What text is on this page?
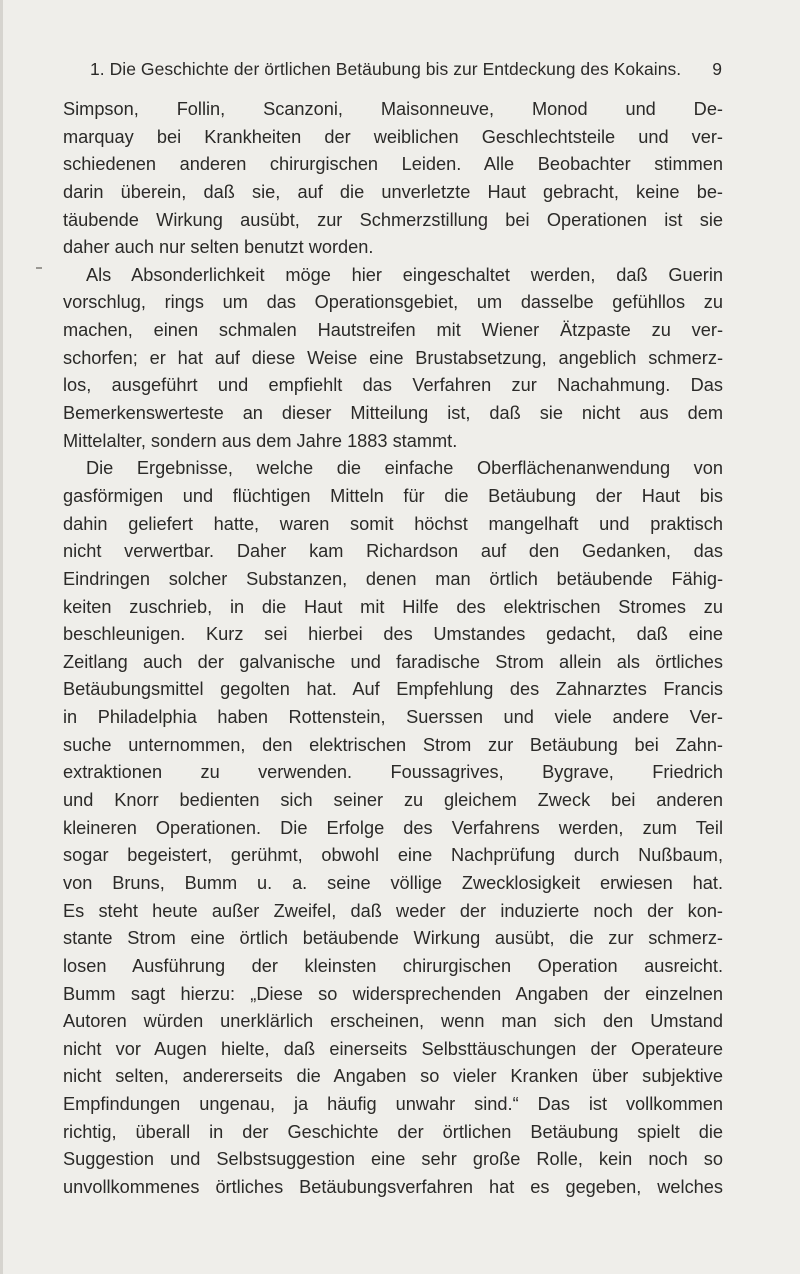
1. Die Geschichte der örtlichen Betäubung bis zur Entdeckung des Kokains. 9
Simpson, Follin, Scanzoni, Maisonneuve, Monod und De-
marquay bei Krankheiten der weiblichen Geschlechtsteile und ver-
schiedenen anderen chirurgischen Leiden. Alle Beobachter stimmen
darin überein, daß sie, auf die unverletzte Haut gebracht, keine be-
täubende Wirkung ausübt, zur Schmerzstillung bei Operationen ist sie
daher auch nur selten benutzt worden.
Als Absonderlichkeit möge hier eingeschaltet werden, daß Guerin
vorschlug, rings um das Operationsgebiet, um dasselbe gefühllos zu
machen, einen schmalen Hautstreifen mit Wiener Ätzpaste zu ver-
schorfen; er hat auf diese Weise eine Brustabsetzung, angeblich schmerz-
los, ausgeführt und empfiehlt das Verfahren zur Nachahmung. Das
Bemerkenswerteste an dieser Mitteilung ist, daß sie nicht aus dem
Mittelalter, sondern aus dem Jahre 1883 stammt.
Die Ergebnisse, welche die einfache Oberflächenanwendung von
gasförmigen und flüchtigen Mitteln für die Betäubung der Haut bis
dahin geliefert hatte, waren somit höchst mangelhaft und praktisch
nicht verwertbar. Daher kam Richardson auf den Gedanken, das
Eindringen solcher Substanzen, denen man örtlich betäubende Fähig-
keiten zuschrieb, in die Haut mit Hilfe des elektrischen Stromes zu
beschleunigen. Kurz sei hierbei des Umstandes gedacht, daß eine
Zeitlang auch der galvanische und faradische Strom allein als örtliches
Betäubungsmittel gegolten hat. Auf Empfehlung des Zahnarztes Francis
in Philadelphia haben Rottenstein, Suerssen und viele andere Ver-
suche unternommen, den elektrischen Strom zur Betäubung bei Zahn-
extraktionen zu verwenden. Foussagrives, Bygrave, Friedrich
und Knorr bedienten sich seiner zu gleichem Zweck bei anderen
kleineren Operationen. Die Erfolge des Verfahrens werden, zum Teil
sogar begeistert, gerühmt, obwohl eine Nachprüfung durch Nußbaum,
von Bruns, Bumm u. a. seine völlige Zwecklosigkeit erwiesen hat.
Es steht heute außer Zweifel, daß weder der induzierte noch der kon-
stante Strom eine örtlich betäubende Wirkung ausübt, die zur schmerz-
losen Ausführung der kleinsten chirurgischen Operation ausreicht.
Bumm sagt hierzu: „Diese so widersprechenden Angaben der einzelnen
Autoren würden unerklärlich erscheinen, wenn man sich den Umstand
nicht vor Augen hielte, daß einerseits Selbsttäuschungen der Operateure
nicht selten, andererseits die Angaben so vieler Kranken über subjektive
Empfindungen ungenau, ja häufig unwahr sind.“ Das ist vollkommen
richtig, überall in der Geschichte der örtlichen Betäubung spielt die
Suggestion und Selbstsuggestion eine sehr große Rolle, kein noch so
unvollkommenes örtliches Betäubungsverfahren hat es gegeben, welches
